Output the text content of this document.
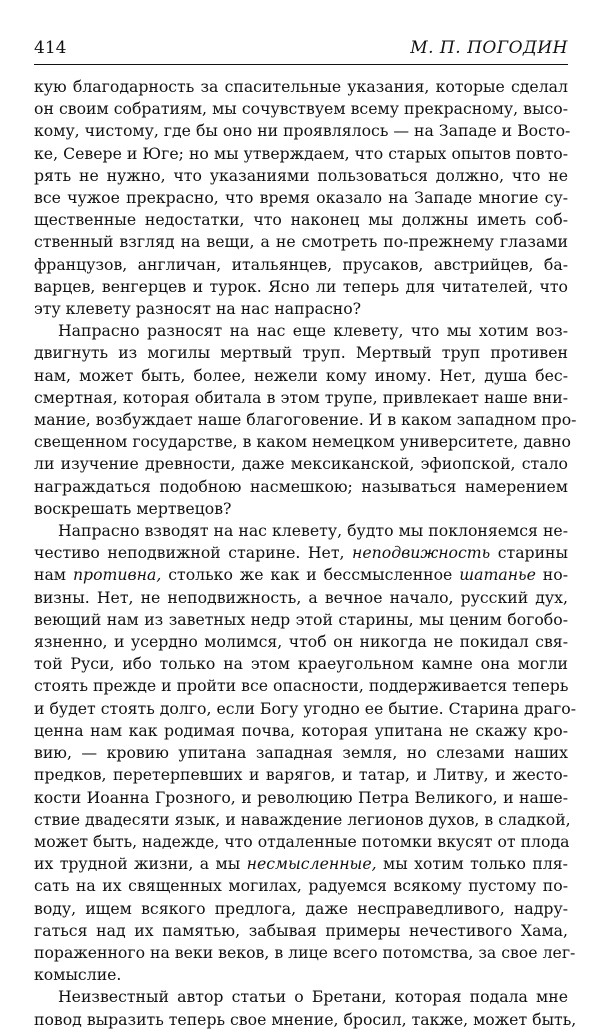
414	М. П. ПОГОДИН

кую благодарность за спасительные указания, которые сделал
он своим собратиям, мы сочувствуем всему прекрасному, высо-
кому, чистому, где бы оно ни проявлялось — на Западе и Восто-
ке, Севере и Юге; но мы утверждаем, что старых опытов повто-
рять не нужно, что указаниями пользоваться должно, что не
все чужое прекрасно, что время оказало на Западе многие су-
щественные недостатки, что наконец мы должны иметь соб-
ственный взгляд на вещи, а не смотреть по-прежнему глазами
французов, англичан, итальянцев, прусаков, австрийцев, ба-
варцев, венгерцев и турок. Ясно ли теперь для читателей, что
эту клевету разносят на нас напрасно?

Напрасно разносят на нас еще клевету, что мы хотим воз-
двигнуть из могилы мертвый труп. Мертвый труп противен
нам, может быть, более, нежели кому иному. Нет, душа бес-
смертная, которая обитала в этом трупе, привлекает наше вни-
мание, возбуждает наше благоговение. И в каком западном про-
свещенном государстве, в каком немецком университете, давно
ли изучение древности, даже мексиканской, эфиопской, стало
награждаться подобною насмешкою; называться намерением
воскрешать мертвецов?

Напрасно взводят на нас клевету, будто мы поклоняемся не-
честиво неподвижной старине. Нет, неподвижность старины
нам противна, столько же как и бессмысленное шатанье но-
визны. Нет, не неподвижность, а вечное начало, русский дух,
веющий нам из заветных недр этой старины, мы ценим богобо-
язненно, и усердно молимся, чтоб он никогда не покидал свя-
той Руси, ибо только на этом краеугольном камне она могли
стоять прежде и пройти все опасности, поддерживается теперь
и будет стоять долго, если Богу угодно ее бытие. Старина драго-
ценна нам как родимая почва, которая упитана не скажу кро-
вию, — кровию упитана западная земля, но слезами наших
предков, перетерпевших и варягов, и татар, и Литву, и жесто-
кости Иоанна Грозного, и революцию Петра Великого, и наше-
ствие двадесяти язык, и наваждение легионов духов, в сладкой,
может быть, надежде, что отдаленные потомки вкусят от плода
их трудной жизни, а мы несмысленные, мы хотим только пля-
сать на их священных могилах, радуемся всякому пустому по-
воду, ищем всякого предлога, даже несправедливого, надру-
гаться над их памятью, забывая примеры нечестивого Хама,
пораженного на веки веков, в лице всего потомства, за свое лег-
комыслие.

Неизвестный автор статьи о Бретани, которая подала мне
повод выразить теперь свое мнение, бросил, также, может быть,
